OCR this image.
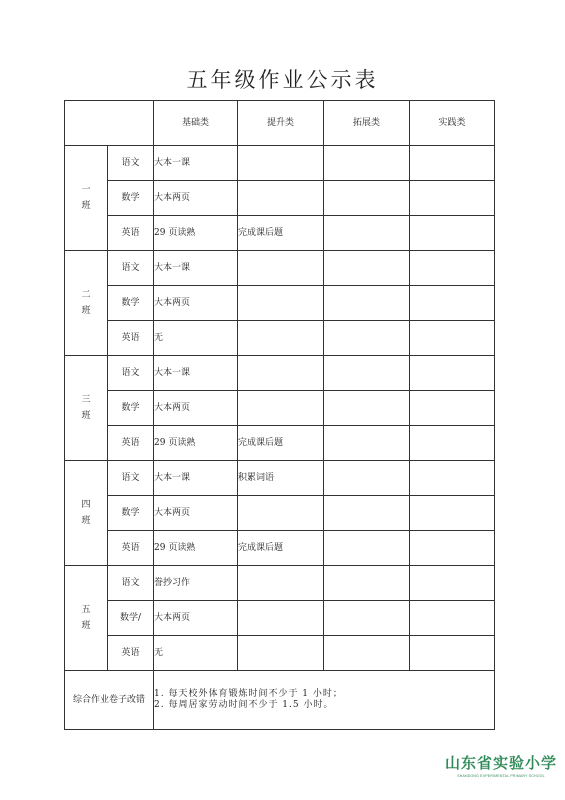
五年级作业公示表
		基础类	提升类	拓展类	实践类

一
班	语文	大本一课			
	数学	大本两页			
	英语	29 页读熟	完成课后题		

二
班	语文	大本一课			
	数学	大本两页			
	英语	无			

三
班	语文	大本一课			
	数学	大本两页			
	英语	29 页读熟	完成课后题		

四
班	语文	大本一课	积累词语		
	数学	大本两页			
	英语	29 页读熟	完成课后题		

五
班	语文	誊抄习作			
	数学/	大本两页			
	英语	无			
综合作业卷子改错		1. 每天校外体育锻炼时间不少于 1 小时；
2. 每周居家劳动时间不少于 1.5 小时。			
山东省实验小学
SHANDONG EXPERIMENTAL PRIMARY SCHOOL
